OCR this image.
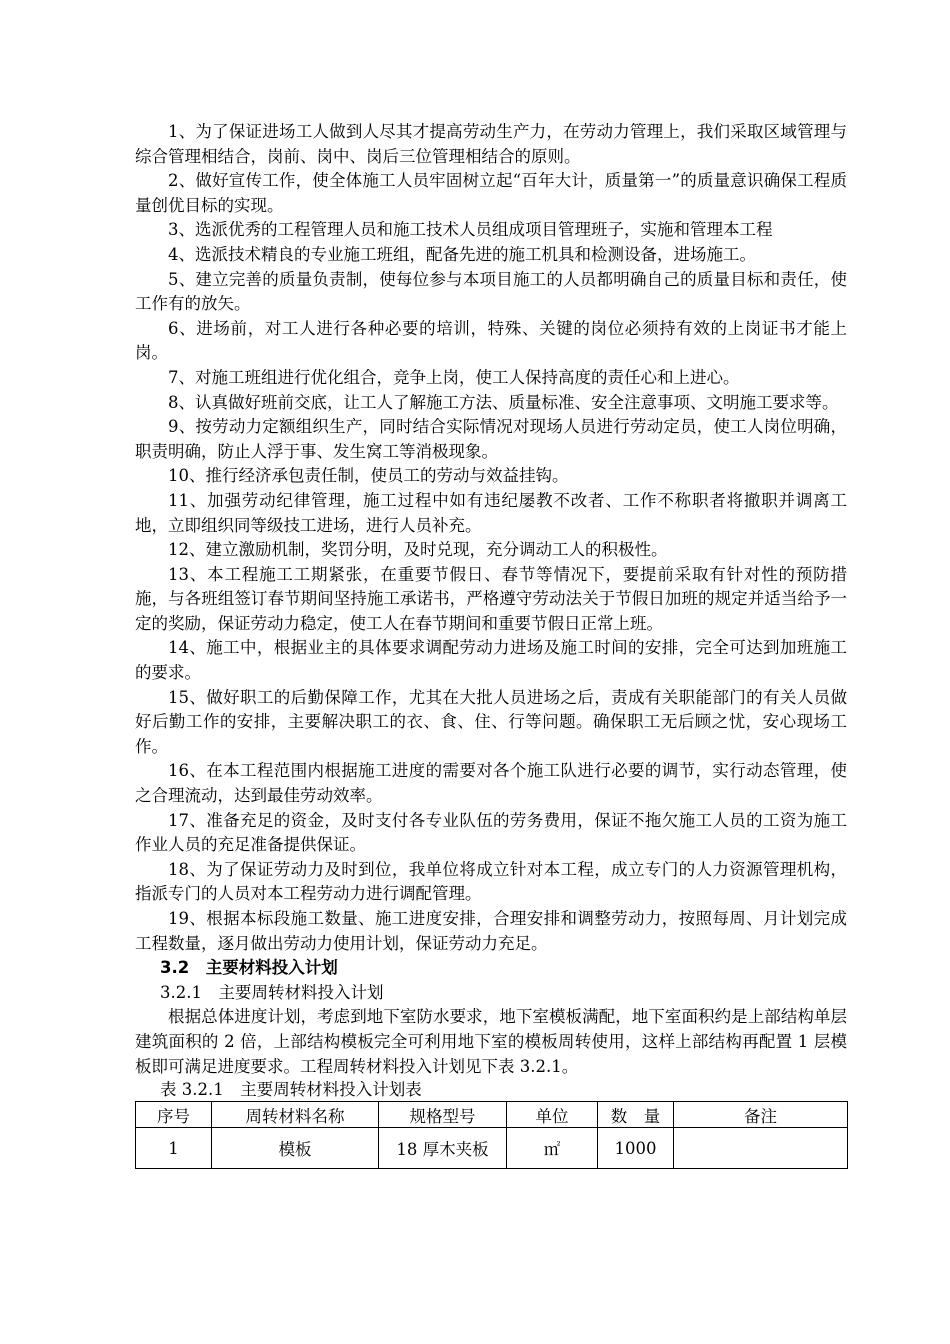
1、为了保证进场工人做到人尽其才提高劳动生产力，在劳动力管理上，我们采取区域管理与综合管理相结合，岗前、岗中、岗后三位管理相结合的原则。

2、做好宣传工作，使全体施工人员牢固树立起“百年大计，质量第一”的质量意识确保工程质量创优目标的实现。

3、选派优秀的工程管理人员和施工技术人员组成项目管理班子，实施和管理本工程

4、选派技术精良的专业施工班组，配备先进的施工机具和检测设备，进场施工。

5、建立完善的质量负责制，使每位参与本项目施工的人员都明确自己的质量目标和责任，使工作有的放矢。

6、进场前，对工人进行各种必要的培训，特殊、关键的岗位必须持有效的上岗证书才能上岗。

7、对施工班组进行优化组合，竞争上岗，使工人保持高度的责任心和上进心。

8、认真做好班前交底，让工人了解施工方法、质量标准、安全注意事项、文明施工要求等。

9、按劳动力定额组织生产，同时结合实际情况对现场人员进行劳动定员，使工人岗位明确，职责明确，防止人浮于事、发生窝工等消极现象。

10、推行经济承包责任制，使员工的劳动与效益挂钩。

11、加强劳动纪律管理，施工过程中如有违纪屡教不改者、工作不称职者将撤职并调离工地，立即组织同等级技工进场，进行人员补充。

12、建立激励机制，奖罚分明，及时兑现，充分调动工人的积极性。

13、本工程施工工期紧张，在重要节假日、春节等情况下，要提前采取有针对性的预防措施，与各班组签订春节期间坚持施工承诺书，严格遵守劳动法关于节假日加班的规定并适当给予一定的奖励，保证劳动力稳定，使工人在春节期间和重要节假日正常上班。

14、施工中，根据业主的具体要求调配劳动力进场及施工时间的安排，完全可达到加班施工的要求。

15、做好职工的后勤保障工作，尤其在大批人员进场之后，责成有关职能部门的有关人员做好后勤工作的安排，主要解决职工的衣、食、住、行等问题。确保职工无后顾之忧，安心现场工作。

16、在本工程范围内根据施工进度的需要对各个施工队进行必要的调节，实行动态管理，使之合理流动，达到最佳劳动效率。

17、准备充足的资金，及时支付各专业队伍的劳务费用，保证不拖欠施工人员的工资为施工作业人员的充足准备提供保证。

18、为了保证劳动力及时到位，我单位将成立针对本工程，成立专门的人力资源管理机构，指派专门的人员对本工程劳动力进行调配管理。

19、根据本标段施工数量、施工进度安排，合理安排和调整劳动力，按照每周、月计划完成工程数量，逐月做出劳动力使用计划，保证劳动力充足。

3.2　主要材料投入计划

3.2.1　主要周转材料投入计划

根据总体进度计划，考虑到地下室防水要求，地下室模板满配，地下室面积约是上部结构单层建筑面积的 2 倍，上部结构模板完全可利用地下室的模板周转使用，这样上部结构再配置 1 层模板即可满足进度要求。工程周转材料投入计划见下表 3.2.1。

表 3.2.1　主要周转材料投入计划表

序号	周转材料名称	规格型号	单位	数　量	备注
1	模板	18 厚木夹板	㎡	1000	
